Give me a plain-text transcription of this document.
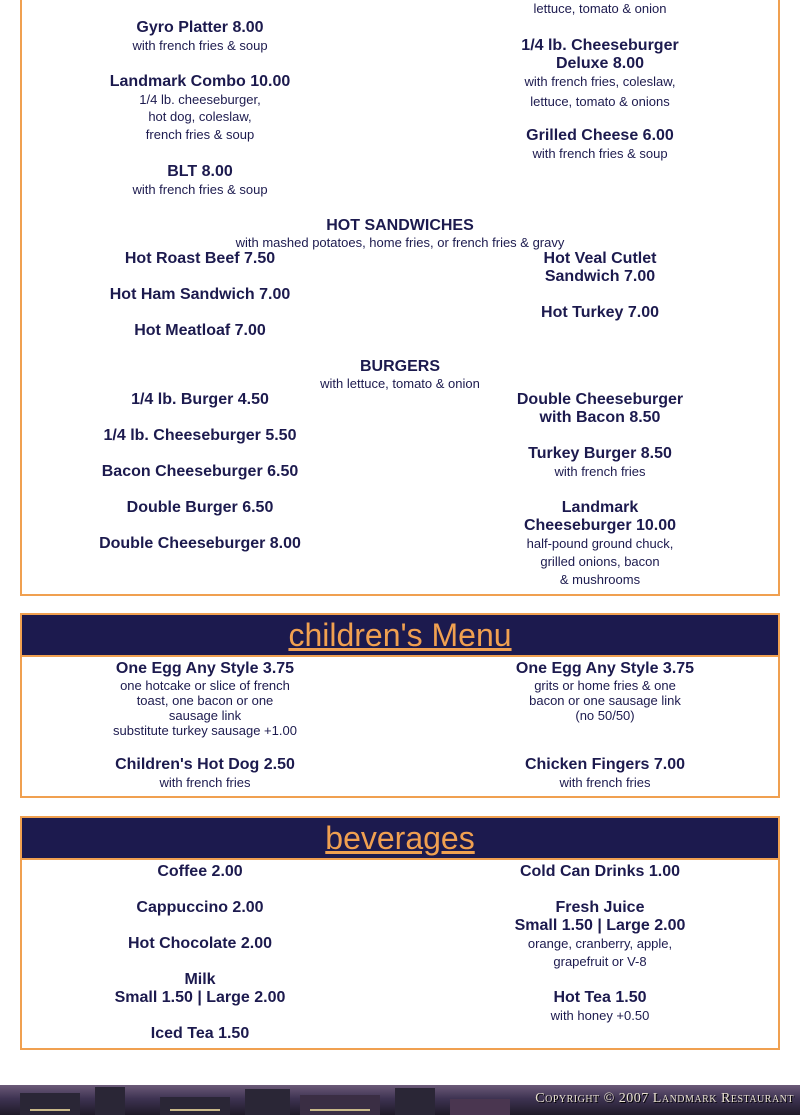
lettuce, tomato & onion
Gyro Platter 8.00
with french fries & soup
Landmark Combo 10.00
1/4 lb. cheeseburger,
hot dog, coleslaw,
french fries & soup
BLT 8.00
with french fries & soup
1/4 lb. Cheeseburger
Deluxe 8.00
with french fries, coleslaw,
lettuce, tomato & onions
Grilled Cheese 6.00
with french fries & soup
HOT SANDWICHES
with mashed potatoes, home fries, or french fries & gravy
Hot Roast Beef 7.50
Hot Ham Sandwich 7.00
Hot Meatloaf 7.00
Hot Veal Cutlet
Sandwich 7.00
Hot Turkey 7.00
BURGERS
with lettuce, tomato & onion
1/4 lb. Burger 4.50
1/4 lb. Cheeseburger 5.50
Bacon Cheeseburger 6.50
Double Burger 6.50
Double Cheeseburger 8.00
Double Cheeseburger
with Bacon 8.50
Turkey Burger 8.50
with french fries
Landmark
Cheeseburger 10.00
half-pound ground chuck,
grilled onions, bacon
& mushrooms
children's Menu
One Egg Any Style 3.75
one hotcake or slice of french
toast, one bacon or one
sausage link
substitute turkey sausage +1.00
Children's Hot Dog 2.50
with french fries
One Egg Any Style 3.75
grits or home fries & one
bacon or one sausage link
(no 50/50)
Chicken Fingers 7.00
with french fries
beverages
Coffee 2.00
Cappuccino 2.00
Hot Chocolate 2.00
Milk
Small 1.50 | Large 2.00
Iced Tea 1.50
Cold Can Drinks 1.00
Fresh Juice
Small 1.50 | Large 2.00
orange, cranberry, apple,
grapefruit or V-8
Hot Tea 1.50
with honey +0.50
Copyright © 2007 Landmark Restaurant
